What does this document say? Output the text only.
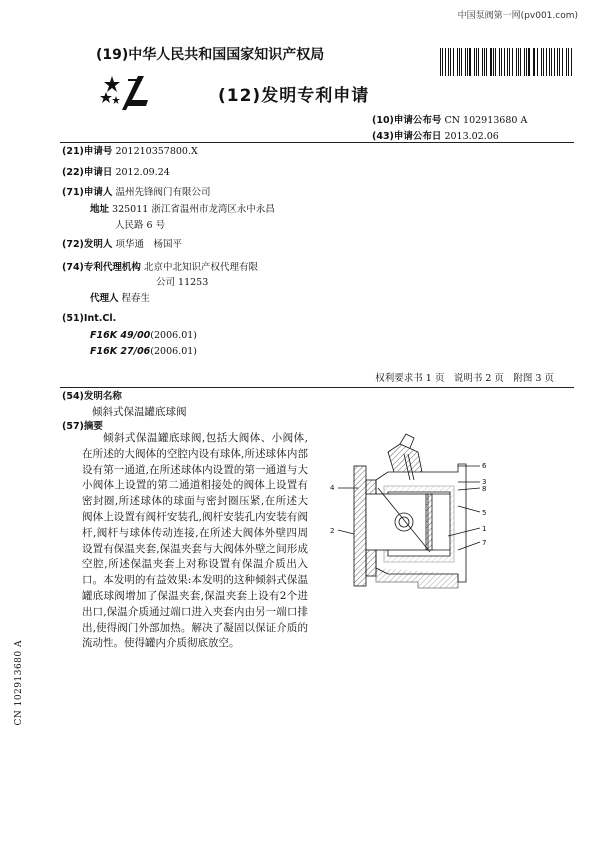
中国泵阀第一网(pv001.com)
(19)中华人民共和国国家知识产权局
(12)发明专利申请
(10)申请公布号 CN 102913680 A
(43)申请公布日 2013.02.06
(21)申请号 201210357800.X
(22)申请日 2012.09.24
(71)申请人 温州先锋阀门有限公司
地址 325011 浙江省温州市龙湾区永中永昌
人民路 6 号
(72)发明人 项华通　杨国平
(74)专利代理机构 北京中北知识产权代理有限
公司 11253
代理人 程春生
(51)Int.Cl.
F16K 49/00(2006.01)
F16K 27/06(2006.01)
权利要求书 1 页　说明书 2 页　附图 3 页
(54)发明名称
倾斜式保温罐底球阀
(57)摘要

倾斜式保温罐底球阀,包括大阀体、小阀体,在所述的大阀体的空腔内设有球体,所述球体内部设有第一通道,在所述球体内设置的第一通道与大小阀体上设置的第二通道相接处的阀体上设置有密封圈,所述球体的球面与密封圈压紧,在所述大阀体上设置有阀杆安装孔,阀杆安装孔内安装有阀杆,阀杆与球体传动连接,在所述大阀体外壁四周设置有保温夹套,保温夹套与大阀体外壁之间形成空腔,所述保温夹套上对称设置有保温介质出入口。本发明的有益效果:本发明的这种倾斜式保温罐底球阀增加了保温夹套,保温夹套上设有2个进出口,保温介质通过端口进入夹套内由另一端口排出,使得阀门外部加热。解决了凝固以保证介质的流动性。使得罐内介质彻底放空。

6
3
8
4
5
1
7
2
CN 102913680 A
